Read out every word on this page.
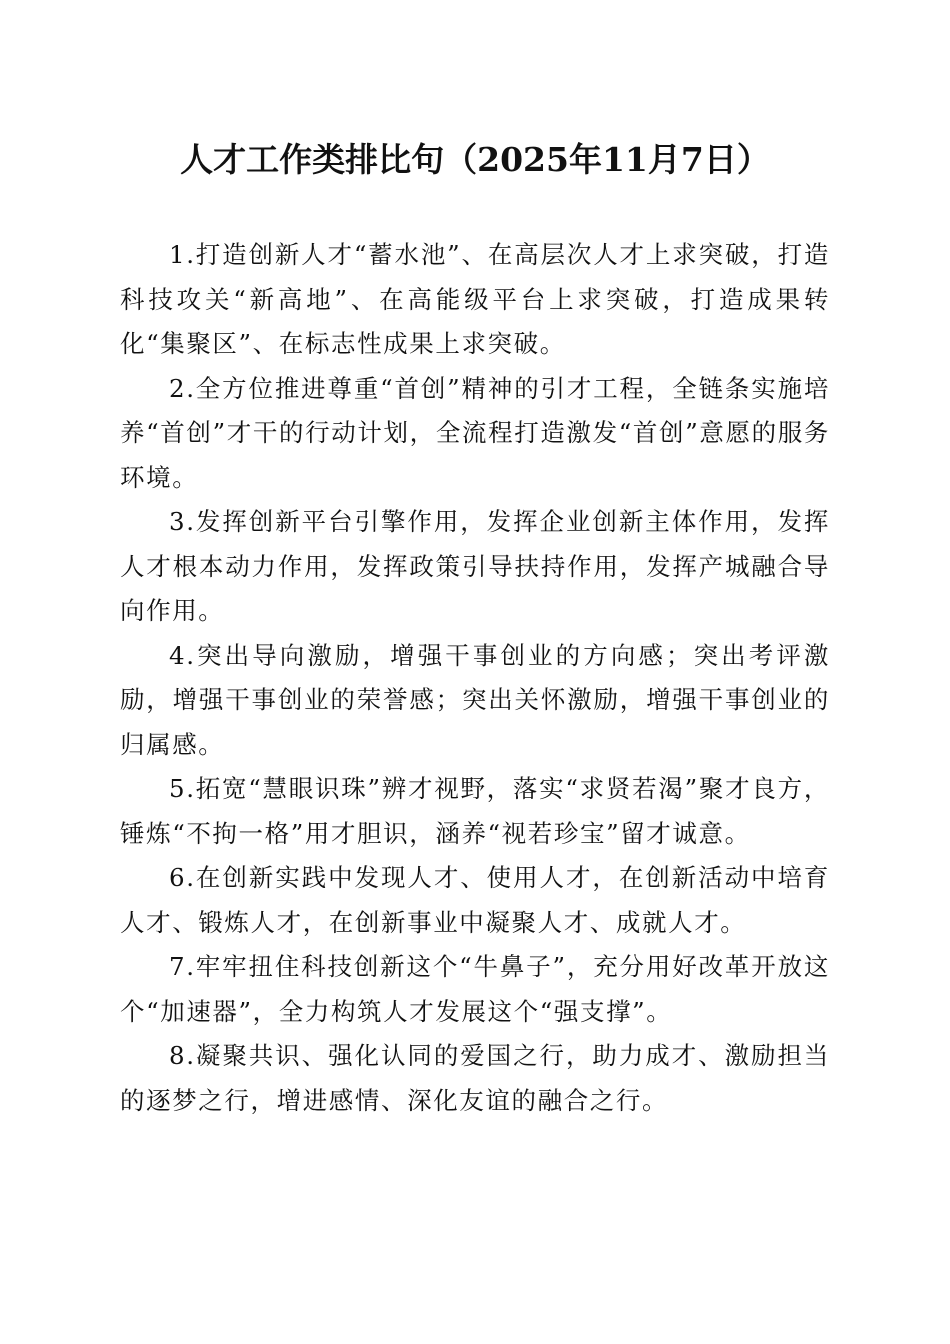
人才工作类排比句（2025年11月7日）

1.打造创新人才“蓄水池”、在高层次人才上求突破，打造科技攻关“新高地”、在高能级平台上求突破，打造成果转化“集聚区”、在标志性成果上求突破。

2.全方位推进尊重“首创”精神的引才工程，全链条实施培养“首创”才干的行动计划，全流程打造激发“首创”意愿的服务环境。

3.发挥创新平台引擎作用，发挥企业创新主体作用，发挥人才根本动力作用，发挥政策引导扶持作用，发挥产城融合导向作用。

4.突出导向激励，增强干事创业的方向感；突出考评激励，增强干事创业的荣誉感；突出关怀激励，增强干事创业的归属感。

5.拓宽“慧眼识珠”辨才视野，落实“求贤若渴”聚才良方，锤炼“不拘一格”用才胆识，涵养“视若珍宝”留才诚意。

6.在创新实践中发现人才、使用人才，在创新活动中培育人才、锻炼人才，在创新事业中凝聚人才、成就人才。

7.牢牢扭住科技创新这个“牛鼻子”，充分用好改革开放这个“加速器”，全力构筑人才发展这个“强支撑”。

8.凝聚共识、强化认同的爱国之行，助力成才、激励担当的逐梦之行，增进感情、深化友谊的融合之行。
